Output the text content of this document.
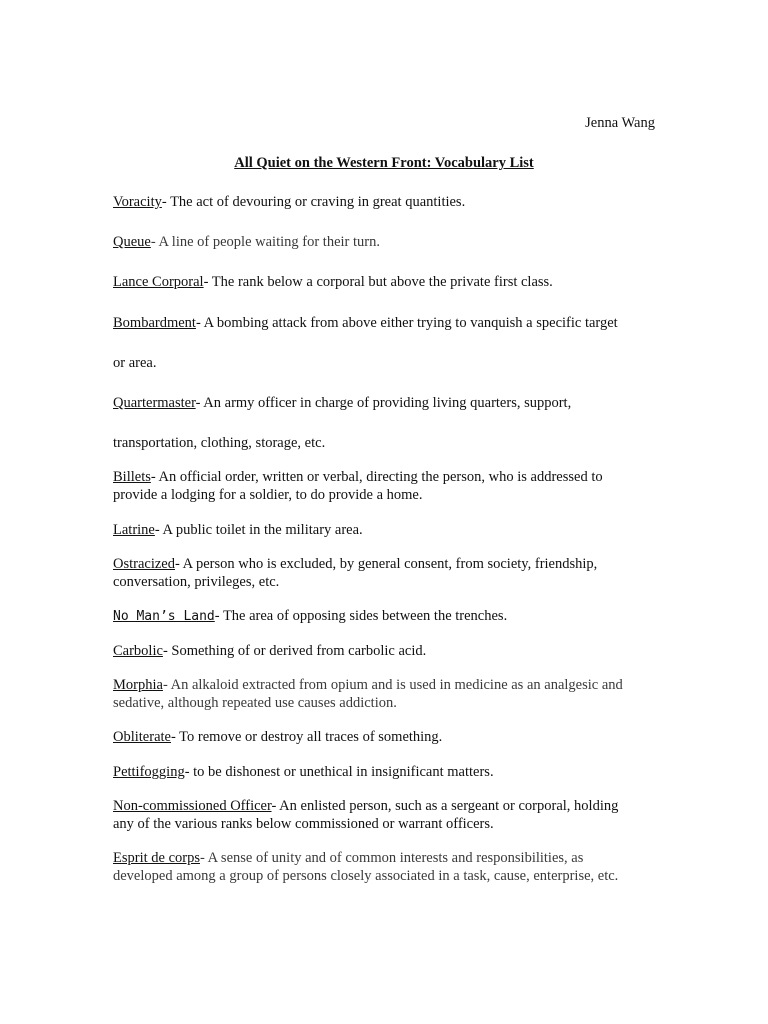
Jenna Wang

All Quiet on the Western Front: Vocabulary List

Voracity- The act of devouring or craving in great quantities.

Queue- A line of people waiting for their turn.

Lance Corporal- The rank below a corporal but above the private first class.

Bombardment- A bombing attack from above either trying to vanquish a specific target
or area.

Quartermaster- An army officer in charge of providing living quarters, support,
transportation, clothing, storage, etc.

Billets- An official order, written or verbal, directing the person, who is addressed to
provide a lodging for a soldier, to do provide a home.

Latrine- A public toilet in the military area.

Ostracized- A person who is excluded, by general consent, from society, friendship,
conversation, privileges, etc.

No Man’s Land- The area of opposing sides between the trenches.

Carbolic- Something of or derived from carbolic acid.

Morphia- An alkaloid extracted from opium and is used in medicine as an analgesic and
sedative, although repeated use causes addiction.

Obliterate- To remove or destroy all traces of something.

Pettifogging- to be dishonest or unethical in insignificant matters.

Non-commissioned Officer- An enlisted person, such as a sergeant or corporal, holding
any of the various ranks below commissioned or warrant officers.

Esprit de corps- A sense of unity and of common interests and responsibilities, as
developed among a group of persons closely associated in a task, cause, enterprise, etc.
